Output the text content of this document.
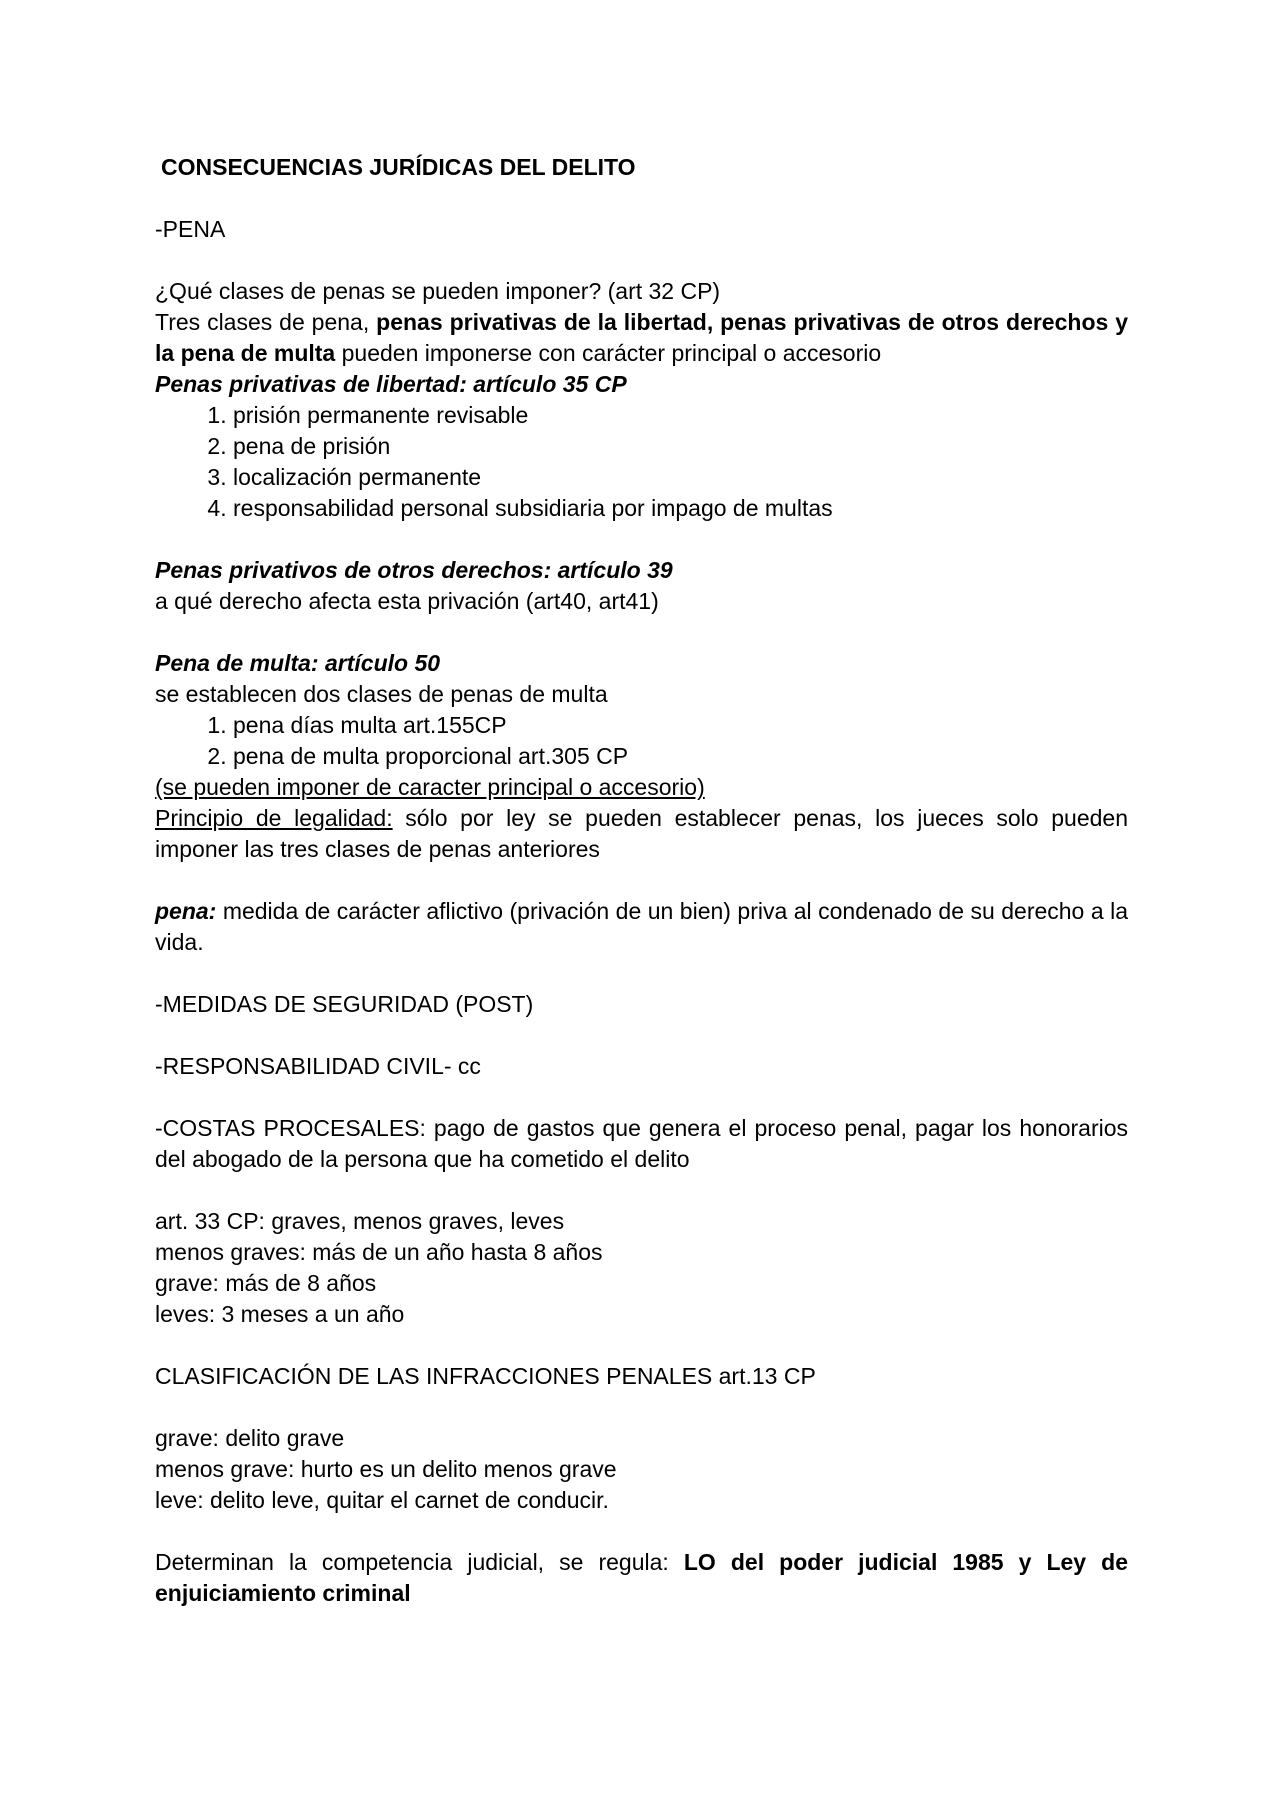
CONSECUENCIAS JURÍDICAS DEL DELITO

-PENA

¿Qué clases de penas se pueden imponer? (art 32 CP)

Tres clases de pena, penas privativas de la libertad, penas privativas de otros derechos y la pena de multa pueden imponerse con carácter principal o accesorio

Penas privativas de libertad: artículo 35 CP

1. prisión permanente revisable
2. pena de prisión
3. localización permanente
4. responsabilidad personal subsidiaria por impago de multas

Penas privativos de otros derechos: artículo 39

a qué derecho afecta esta privación (art40, art41)

Pena de multa: artículo 50

se establecen dos clases de penas de multa

1. pena días multa art.155CP
2. pena de multa proporcional art.305 CP

(se pueden imponer de caracter principal o accesorio)

Principio de legalidad: sólo por ley se pueden establecer penas, los jueces solo pueden imponer las tres clases de penas anteriores

pena: medida de carácter aflictivo (privación de un bien) priva al condenado de su derecho a la vida.

-MEDIDAS DE SEGURIDAD (POST)

-RESPONSABILIDAD CIVIL- cc

-COSTAS PROCESALES: pago de gastos que genera el proceso penal, pagar los honorarios del abogado de la persona que ha cometido el delito

art. 33 CP: graves, menos graves, leves

menos graves: más de un año hasta 8 años

grave: más de 8 años

leves: 3 meses a un año

CLASIFICACIÓN DE LAS INFRACCIONES PENALES art.13 CP

grave: delito grave

menos grave: hurto es un delito menos grave

leve: delito leve, quitar el carnet de conducir.

Determinan la competencia judicial, se regula: LO del poder judicial 1985 y Ley de enjuiciamiento criminal
